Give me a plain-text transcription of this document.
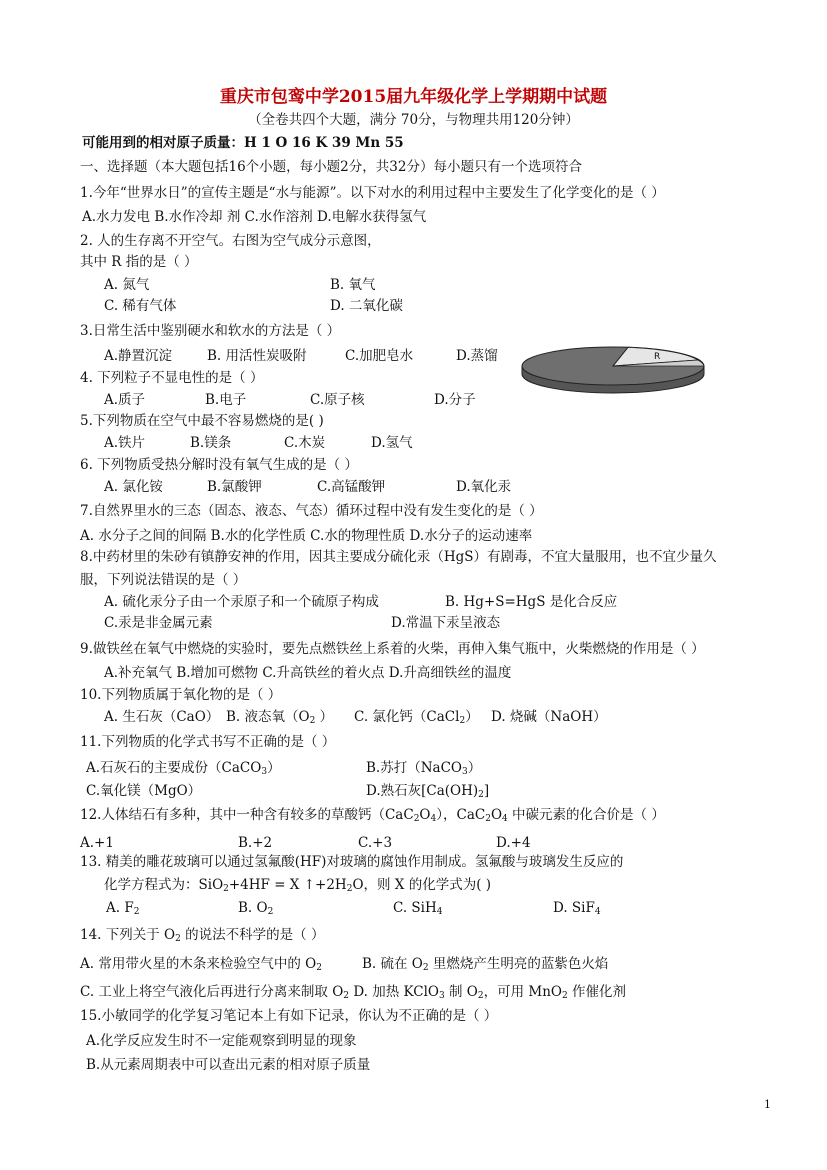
重庆市包鸾中学2015届九年级化学上学期期中试题
（全卷共四个大题，满分 70分，与物理共用120分钟）
可能用到的相对原子质量：H 1 O 16 K 39 Mn 55
一、选择题（本大题包括16个小题，每小题2分，共32分）每小题只有一个选项符合
1.今年“世界水日”的宣传主题是“水与能源”。以下对水的利用过程中主要发生了化学变化的是（ ）
A.水力发电 B.水作冷却 剂 C.水作溶剂 D.电解水获得氢气
2. 人的生存离不开空气。右图为空气成分示意图，
其中 R 指的是（ ）
A. 氮气	B. 氧气
C. 稀有气体	D. 二氧化碳
3.日常生活中鉴别硬水和软水的方法是（ ）
A.静置沉淀	B. 用活性炭吸附	C.加肥皂水	D.蒸馏	R
4. 下列粒子不显电性的是（ ）
A.质子	B.电子	C.原子核	D.分子
5.下列物质在空气中最不容易燃烧的是( )
A.铁片	B.镁条	C.木炭	D.氢气
6. 下列物质受热分解时没有氧气生成的是（ ）
A. 氯化铵	B.氯酸钾	C.高锰酸钾	D.氧化汞
7.自然界里水的三态（固态、液态、气态）循环过程中没有发生变化的是（ ）
A. 水分子之间的间隔 B.水的化学性质 C.水的物理性质 D.水分子的运动速率
8.中药材里的朱砂有镇静安神的作用，因其主要成分硫化汞（HgS）有剧毒，不宜大量服用，也不宜少量久
服，下列说法错误的是（ ）
A. 硫化汞分子由一个汞原子和一个硫原子构成	B. Hg+S=HgS 是化合反应
C.汞是非金属元素	D.常温下汞呈液态
9.做铁丝在氧气中燃烧的实验时，要先点燃铁丝上系着的火柴，再伸入集气瓶中，火柴燃烧的作用是（ ）
A.补充氧气 B.增加可燃物 C.升高铁丝的着火点 D.升高细铁丝的温度
10.下列物质属于氧化物的是（ ）
A. 生石灰（CaO） B. 液态氧（$O_2$ ） C. 氯化钙（CaCl$_2$） D. 烧碱（NaOH）
11.下列物质的化学式书写不正确的是（ ）
A.石灰石的主要成份（CaCO$_3$）	B.苏打（NaCO$_3$）
C.氧化镁（MgO）	D.熟石灰$[Ca(OH)_2]$
12.人体结石有多种，其中一种含有较多的草酸钙$(CaC_2O_4)$，$CaC_2O_4$ 中碳元素的化合价是（ ）
A.+1	B.+2	C.+3	D.+4
13. 精美的雕花玻璃可以通过氢氟酸(HF)对玻璃的腐蚀作用制成。氢氟酸与玻璃发生反应的
化学方程式为：SiO$_2$+4HF = X $↑+2H_2O$，则 X 的化学式为( )
A. $F_2$	B. $O_2$	C. SiH$_4$	D. SiF$_4$
14. 下列关于 $O_2$ 的说法不科学的是（ ）
A. 常用带火星的木条来检验空气中的 $O_2$	B. 硫在 $O_2$ 里燃烧产生明亮的蓝紫色火焰
C. 工业上将空气液化后再进行分离来制取 $O_2$ D. 加热 KClO$_3$ 制 $O_2$，可用 MnO$_2$ 作催化剂
15.小敏同学的化学复习笔记本上有如下记录，你认为不正确的是（ ）
A.化学反应发生时不一定能观察到明显的现象
B.从元素周期表中可以查出元素的相对原子质量
1
